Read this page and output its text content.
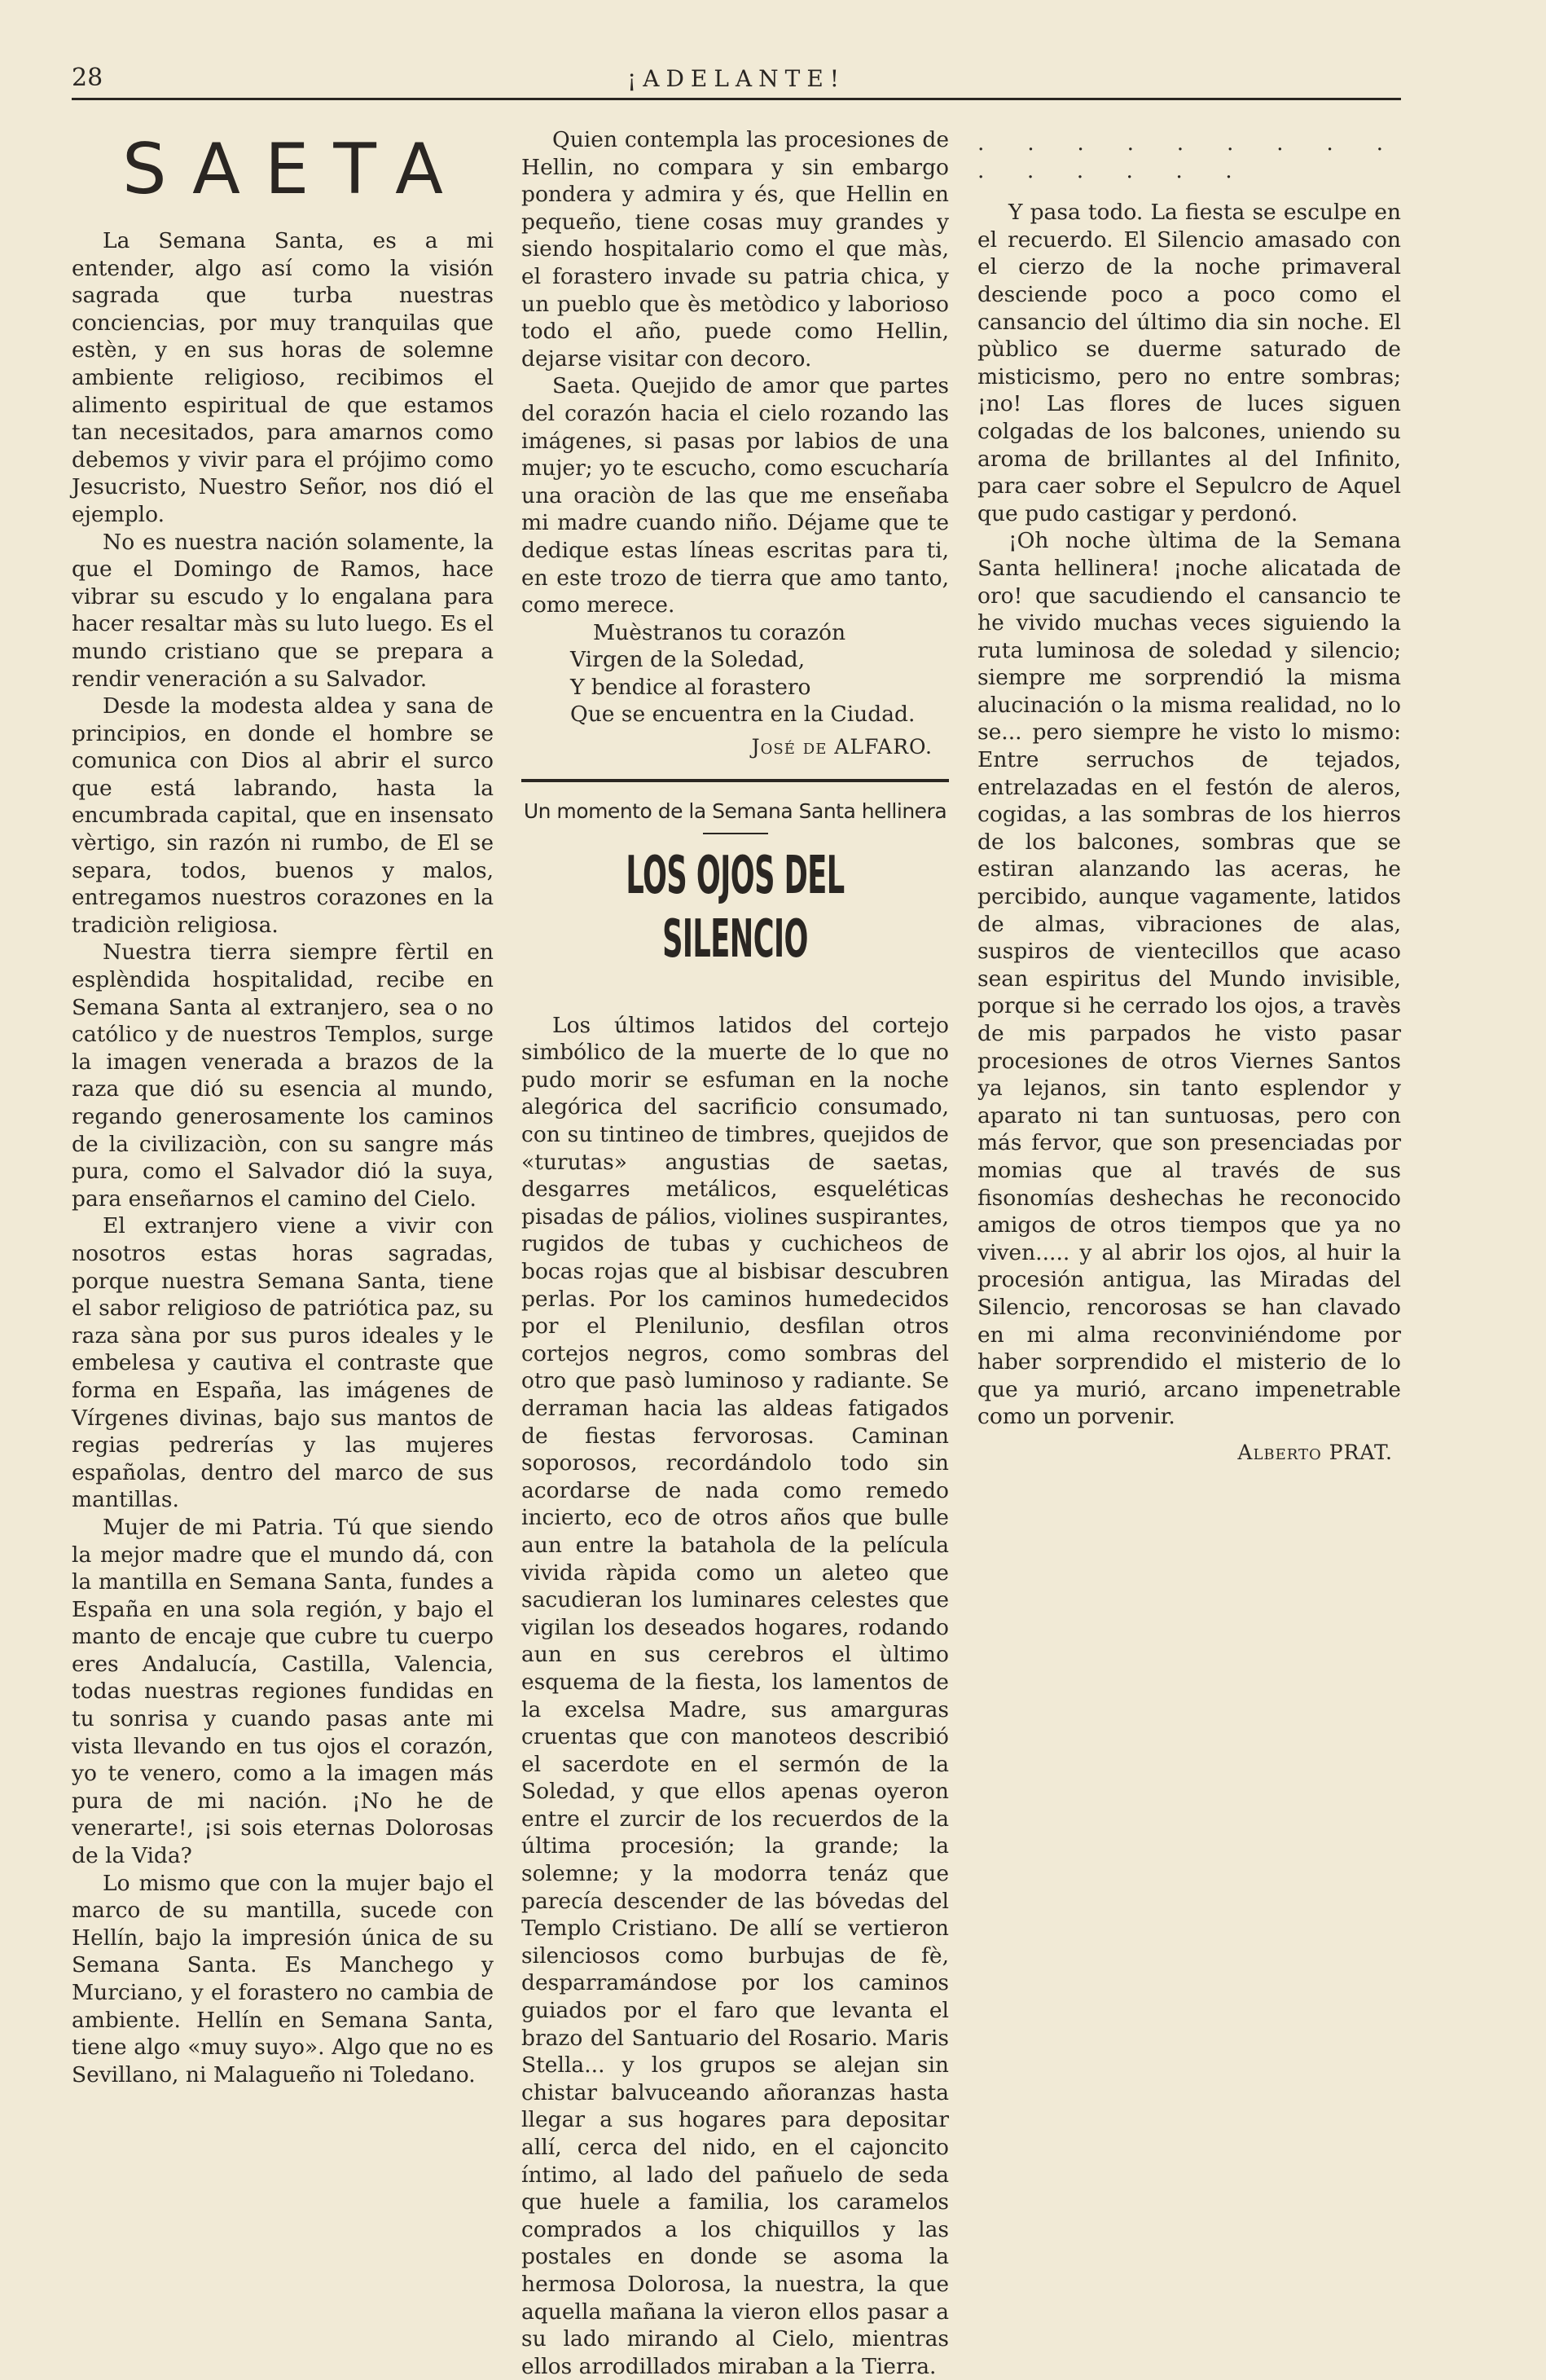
28	¡ADELANTE!
SAETA

La Semana Santa, es a mi entender, algo así como la visión sagrada que turba nuestras conciencias, por muy tranquilas que estèn, y en sus horas de solemne ambiente religioso, recibimos el alimento espiritual de que estamos tan necesitados, para amarnos como debemos y vivir para el prójimo como Jesucristo, Nuestro Señor, nos dió el ejemplo.

No es nuestra nación solamente, la que el Domingo de Ramos, hace vibrar su escudo y lo engalana para hacer resaltar màs su luto luego. Es el mundo cristiano que se prepara a rendir veneración a su Salvador.

Desde la modesta aldea y sana de principios, en donde el hombre se comunica con Dios al abrir el surco que está labrando, hasta la encumbrada capital, que en insensato vèrtigo, sin razón ni rumbo, de El se separa, todos, buenos y malos, entregamos nuestros corazones en la tradiciòn religiosa.

Nuestra tierra siempre fèrtil en esplèndida hospitalidad, recibe en Semana Santa al extranjero, sea o no católico y de nuestros Templos, surge la imagen venerada a brazos de la raza que dió su esencia al mundo, regando generosamente los caminos de la civilizaciòn, con su sangre más pura, como el Salvador dió la suya, para enseñarnos el camino del Cielo.

El extranjero viene a vivir con nosotros estas horas sagradas, porque nuestra Semana Santa, tiene el sabor religioso de patriótica paz, su raza sàna por sus puros ideales y le embelesa y cautiva el contraste que forma en España, las imágenes de Vírgenes divinas, bajo sus mantos de regias pedrerías y las mujeres españolas, dentro del marco de sus mantillas.

Mujer de mi Patria. Tú que siendo la mejor madre que el mundo dá, con la mantilla en Semana Santa, fundes a España en una sola región, y bajo el manto de encaje que cubre tu cuerpo eres Andalucía, Castilla, Valencia, todas nuestras regiones fundidas en tu sonrisa y cuando pasas ante mi vista llevando en tus ojos el corazón, yo te venero, como a la imagen más pura de mi nación. ¡No he de venerarte!, ¡si sois eternas Dolorosas de la Vida?

Lo mismo que con la mujer bajo el marco de su mantilla, sucede con Hellín, bajo la impresión única de su Semana Santa. Es Manchego y Murciano, y el forastero no cambia de ambiente. Hellín en Semana Santa, tiene algo «muy suyo». Algo que no es Sevillano, ni Malagueño ni Toledano.

Quien contempla las procesiones de Hellin, no compara y sin embargo pondera y admira y és, que Hellin en pequeño, tiene cosas muy grandes y siendo hospitalario como el que màs, el forastero invade su patria chica, y un pueblo que ès metòdico y laborioso todo el año, puede como Hellin, dejarse visitar con decoro.

Saeta. Quejido de amor que partes del corazón hacia el cielo rozando las imágenes, si pasas por labios de una mujer; yo te escucho, como escucharía una oraciòn de las que me enseñaba mi madre cuando niño. Déjame que te dedique estas líneas escritas para ti, en este trozo de tierra que amo tanto, como merece.

Muèstranos tu corazón
Virgen de la Soledad,
Y bendice al forastero
Que se encuentra en la Ciudad.
José de ALFARO.
Un momento de la Semana Santa hellinera
LOS OJOS DEL SILENCIO

Los últimos latidos del cortejo simbólico de la muerte de lo que no pudo morir se esfuman en la noche alegórica del sacrificio consumado, con su tintineo de timbres, quejidos de «turutas» angustias de saetas, desgarres metálicos, esqueléticas pisadas de pálios, violines suspirantes, rugidos de tubas y cuchicheos de bocas rojas que al bisbisar descubren perlas. Por los caminos humedecidos por el Plenilunio, desfilan otros cortejos negros, como sombras del otro que pasò luminoso y radiante. Se derraman hacia las aldeas fatigados de fiestas fervorosas. Caminan soporosos, recordándolo todo sin acordarse de nada como remedo incierto, eco de otros años que bulle aun entre la batahola de la película vivida ràpida como un aleteo que sacudieran los luminares celestes que vigilan los deseados hogares, rodando aun en sus cerebros el ùltimo esquema de la fiesta, los lamentos de la excelsa Madre, sus amarguras cruentas que con manoteos describió el sacerdote en el sermón de la Soledad, y que ellos apenas oyeron entre el zurcir de los recuerdos de la última procesión; la grande; la solemne; y la modorra tenáz que parecía descender de las bóvedas del Templo Cristiano. De allí se vertieron silenciosos como burbujas de fè, desparramándose por los caminos guiados por el faro que levanta el brazo del Santuario del Rosario. Maris Stella... y los grupos se alejan sin chistar balvuceando añoranzas hasta llegar a sus hogares para depositar allí, cerca del nido, en el cajoncito íntimo, al lado del pañuelo de seda que huele a familia, los caramelos comprados a los chiquillos y las postales en donde se asoma la hermosa Dolorosa, la nuestra, la que aquella mañana la vieron ellos pasar a su lado mirando al Cielo, mientras ellos arrodillados miraban a la Tierra.

. . . . . . . . . . . . . . .

Y pasa todo. La fiesta se esculpe en el recuerdo. El Silencio amasado con el cierzo de la noche primaveral desciende poco a poco como el cansancio del último dia sin noche. El pùblico se duerme saturado de misticismo, pero no entre sombras; ¡no! Las flores de luces siguen colgadas de los balcones, uniendo su aroma de brillantes al del Infinito, para caer sobre el Sepulcro de Aquel que pudo castigar y perdonó.

¡Oh noche ùltima de la Semana Santa hellinera! ¡noche alicatada de oro! que sacudiendo el cansancio te he vivido muchas veces siguiendo la ruta luminosa de soledad y silencio; siempre me sorprendió la misma alucinación o la misma realidad, no lo se... pero siempre he visto lo mismo: Entre serruchos de tejados, entrelazadas en el festón de aleros, cogidas, a las sombras de los hierros de los balcones, sombras que se estiran alanzando las aceras, he percibido, aunque vagamente, latidos de almas, vibraciones de alas, suspiros de vientecillos que acaso sean espiritus del Mundo invisible, porque si he cerrado los ojos, a travès de mis parpados he visto pasar procesiones de otros Viernes Santos ya lejanos, sin tanto esplendor y aparato ni tan suntuosas, pero con más fervor, que son presenciadas por momias que al través de sus fisonomías deshechas he reconocido amigos de otros tiempos que ya no viven..... y al abrir los ojos, al huir la procesión antigua, las Miradas del Silencio, rencorosas se han clavado en mi alma reconviniéndome por haber sorprendido el misterio de lo que ya murió, arcano impenetrable como un porvenir.

Alberto PRAT.
